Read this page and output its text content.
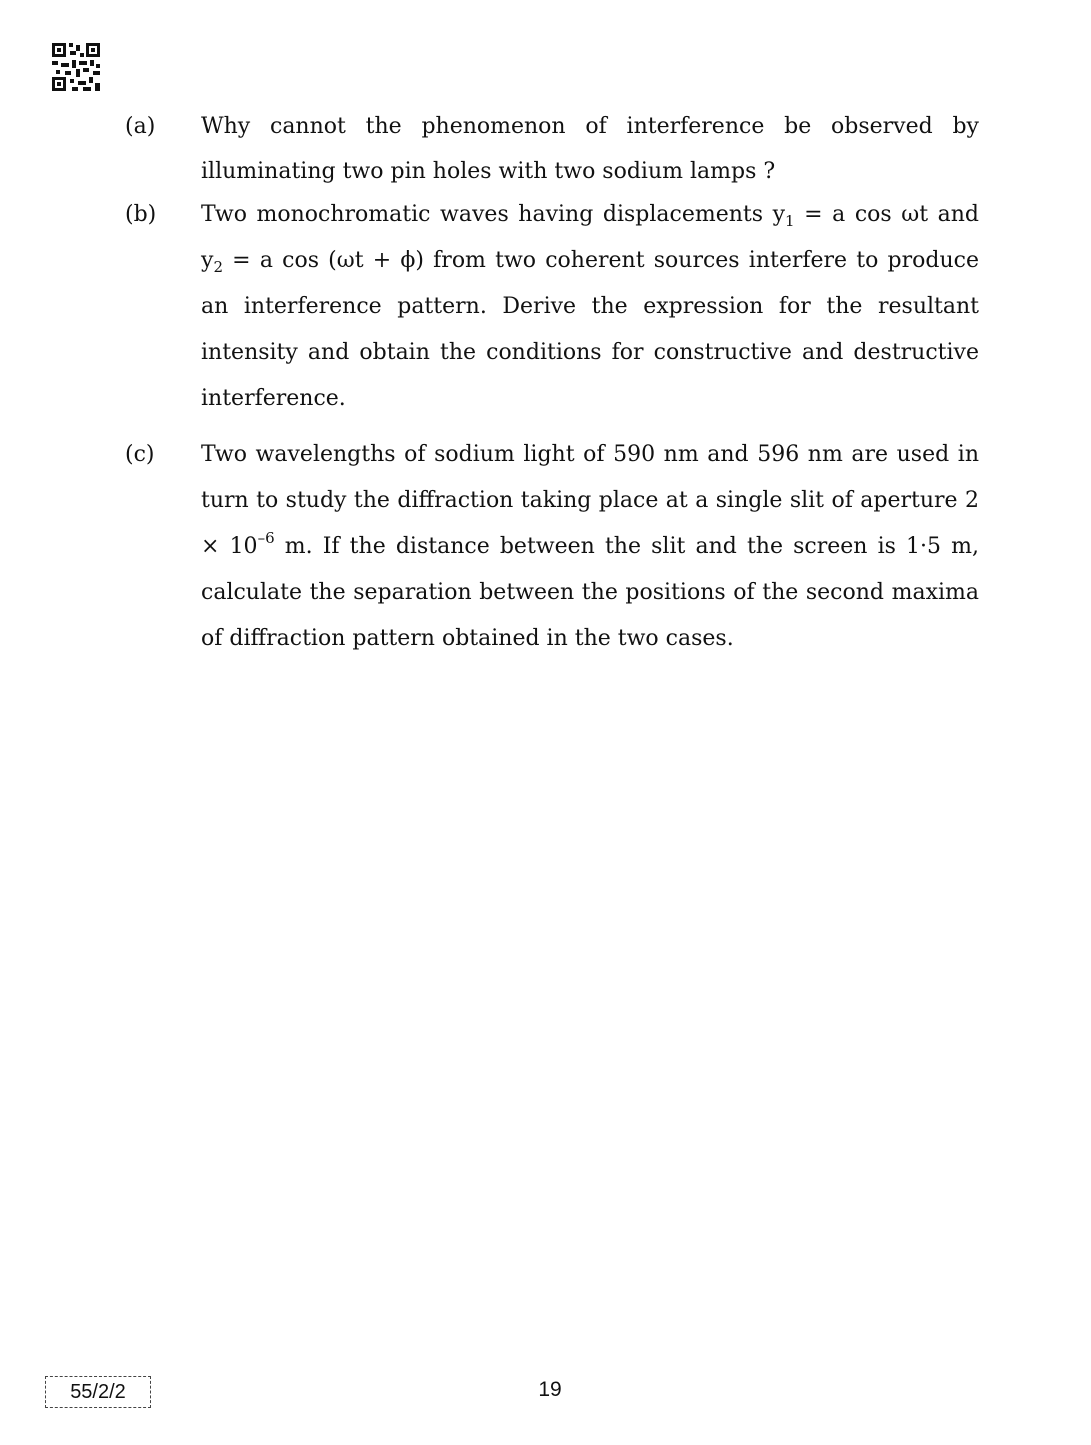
(a) Why cannot the phenomenon of interference be observed by illuminating two pin holes with two sodium lamps ?

(b) Two monochromatic waves having displacements $y_1 = a$ cos ωt and $y_2 = a$ cos (ωt + ϕ) from two coherent sources interfere to produce an interference pattern. Derive the expression for the resultant intensity and obtain the conditions for constructive and destructive interference.

(c) Two wavelengths of sodium light of 590 nm and 596 nm are used in turn to study the diffraction taking place at a single slit of aperture $2 \times 10^{-6}$ m. If the distance between the slit and the screen is 1·5 m, calculate the separation between the positions of the second maxima of diffraction pattern obtained in the two cases.

55/2/2	19
